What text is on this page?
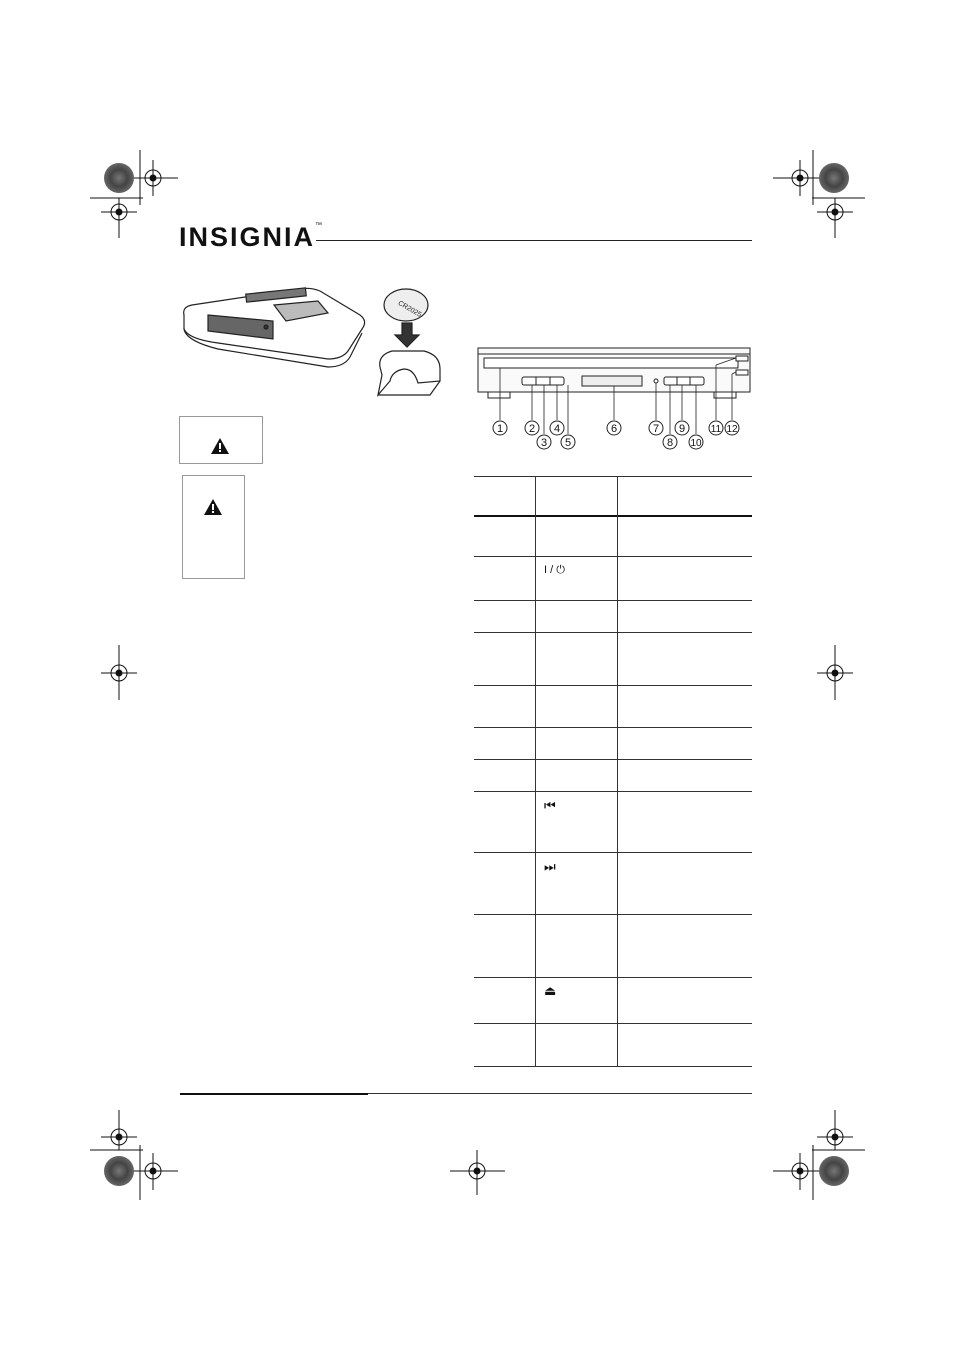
INSIGNIA™
CR2025
1 2
3
4
5
6	7
8
9
10
11 12
I / ⏻
⏮
⏭
⏏
